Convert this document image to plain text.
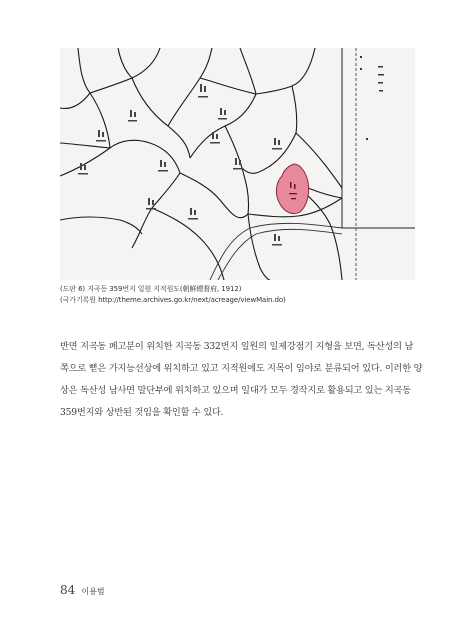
(도판 6) 지곡동 359번지 일원 지적원도(朝鮮總督府, 1912)
(국가기록원 http://theme.archives.go.kr/next/acreage/viewMain.do)
반면 지곡동 폐고분이 위치한 지곡동 332번지 일원의 일제강점기 지형을 보면, 독산성의 남
쪽으로 뻗은 가지능선상에 위치하고 있고 지적원에도 지목이 임야로 분류되어 있다. 이러한 양
상은 독산성 남사면 말단부에 위치하고 있으며 일대가 모두 경작지로 활용되고 있는 지곡동
359번지와 상반된 것임을 확인할 수 있다.
84 이용범
